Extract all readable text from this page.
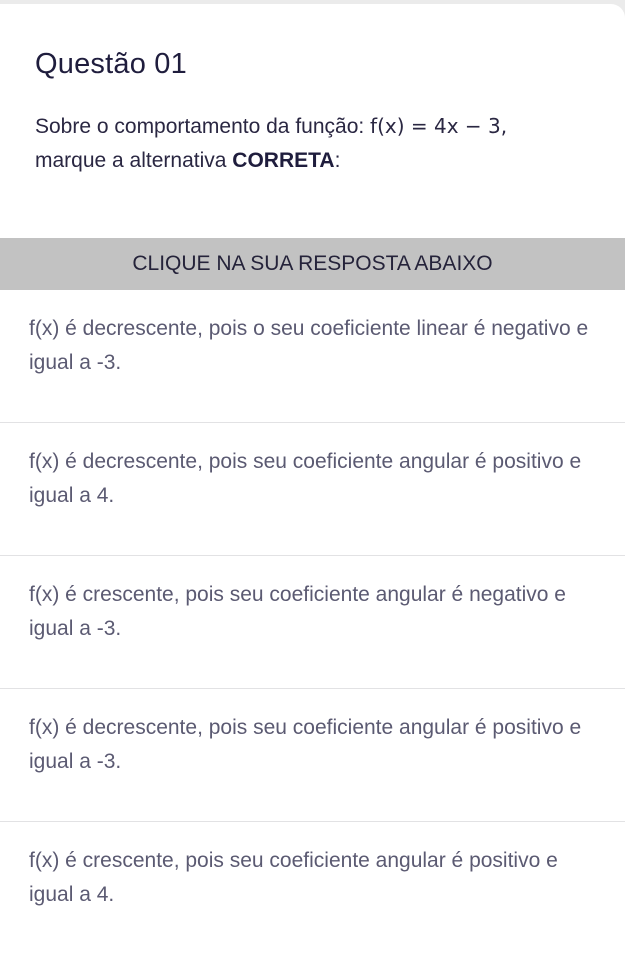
Questão 01
Sobre o comportamento da função: f(x) = 4x − 3,
marque a alternativa CORRETA:
CLIQUE NA SUA RESPOSTA ABAIXO
f(x) é decrescente, pois o seu coeficiente linear é negativo e igual a -3.
f(x) é decrescente, pois seu coeficiente angular é positivo e igual a 4.
f(x) é crescente, pois seu coeficiente angular é negativo e igual a -3.
f(x) é decrescente, pois seu coeficiente angular é positivo e igual a -3.
f(x) é crescente, pois seu coeficiente angular é positivo e igual a 4.
